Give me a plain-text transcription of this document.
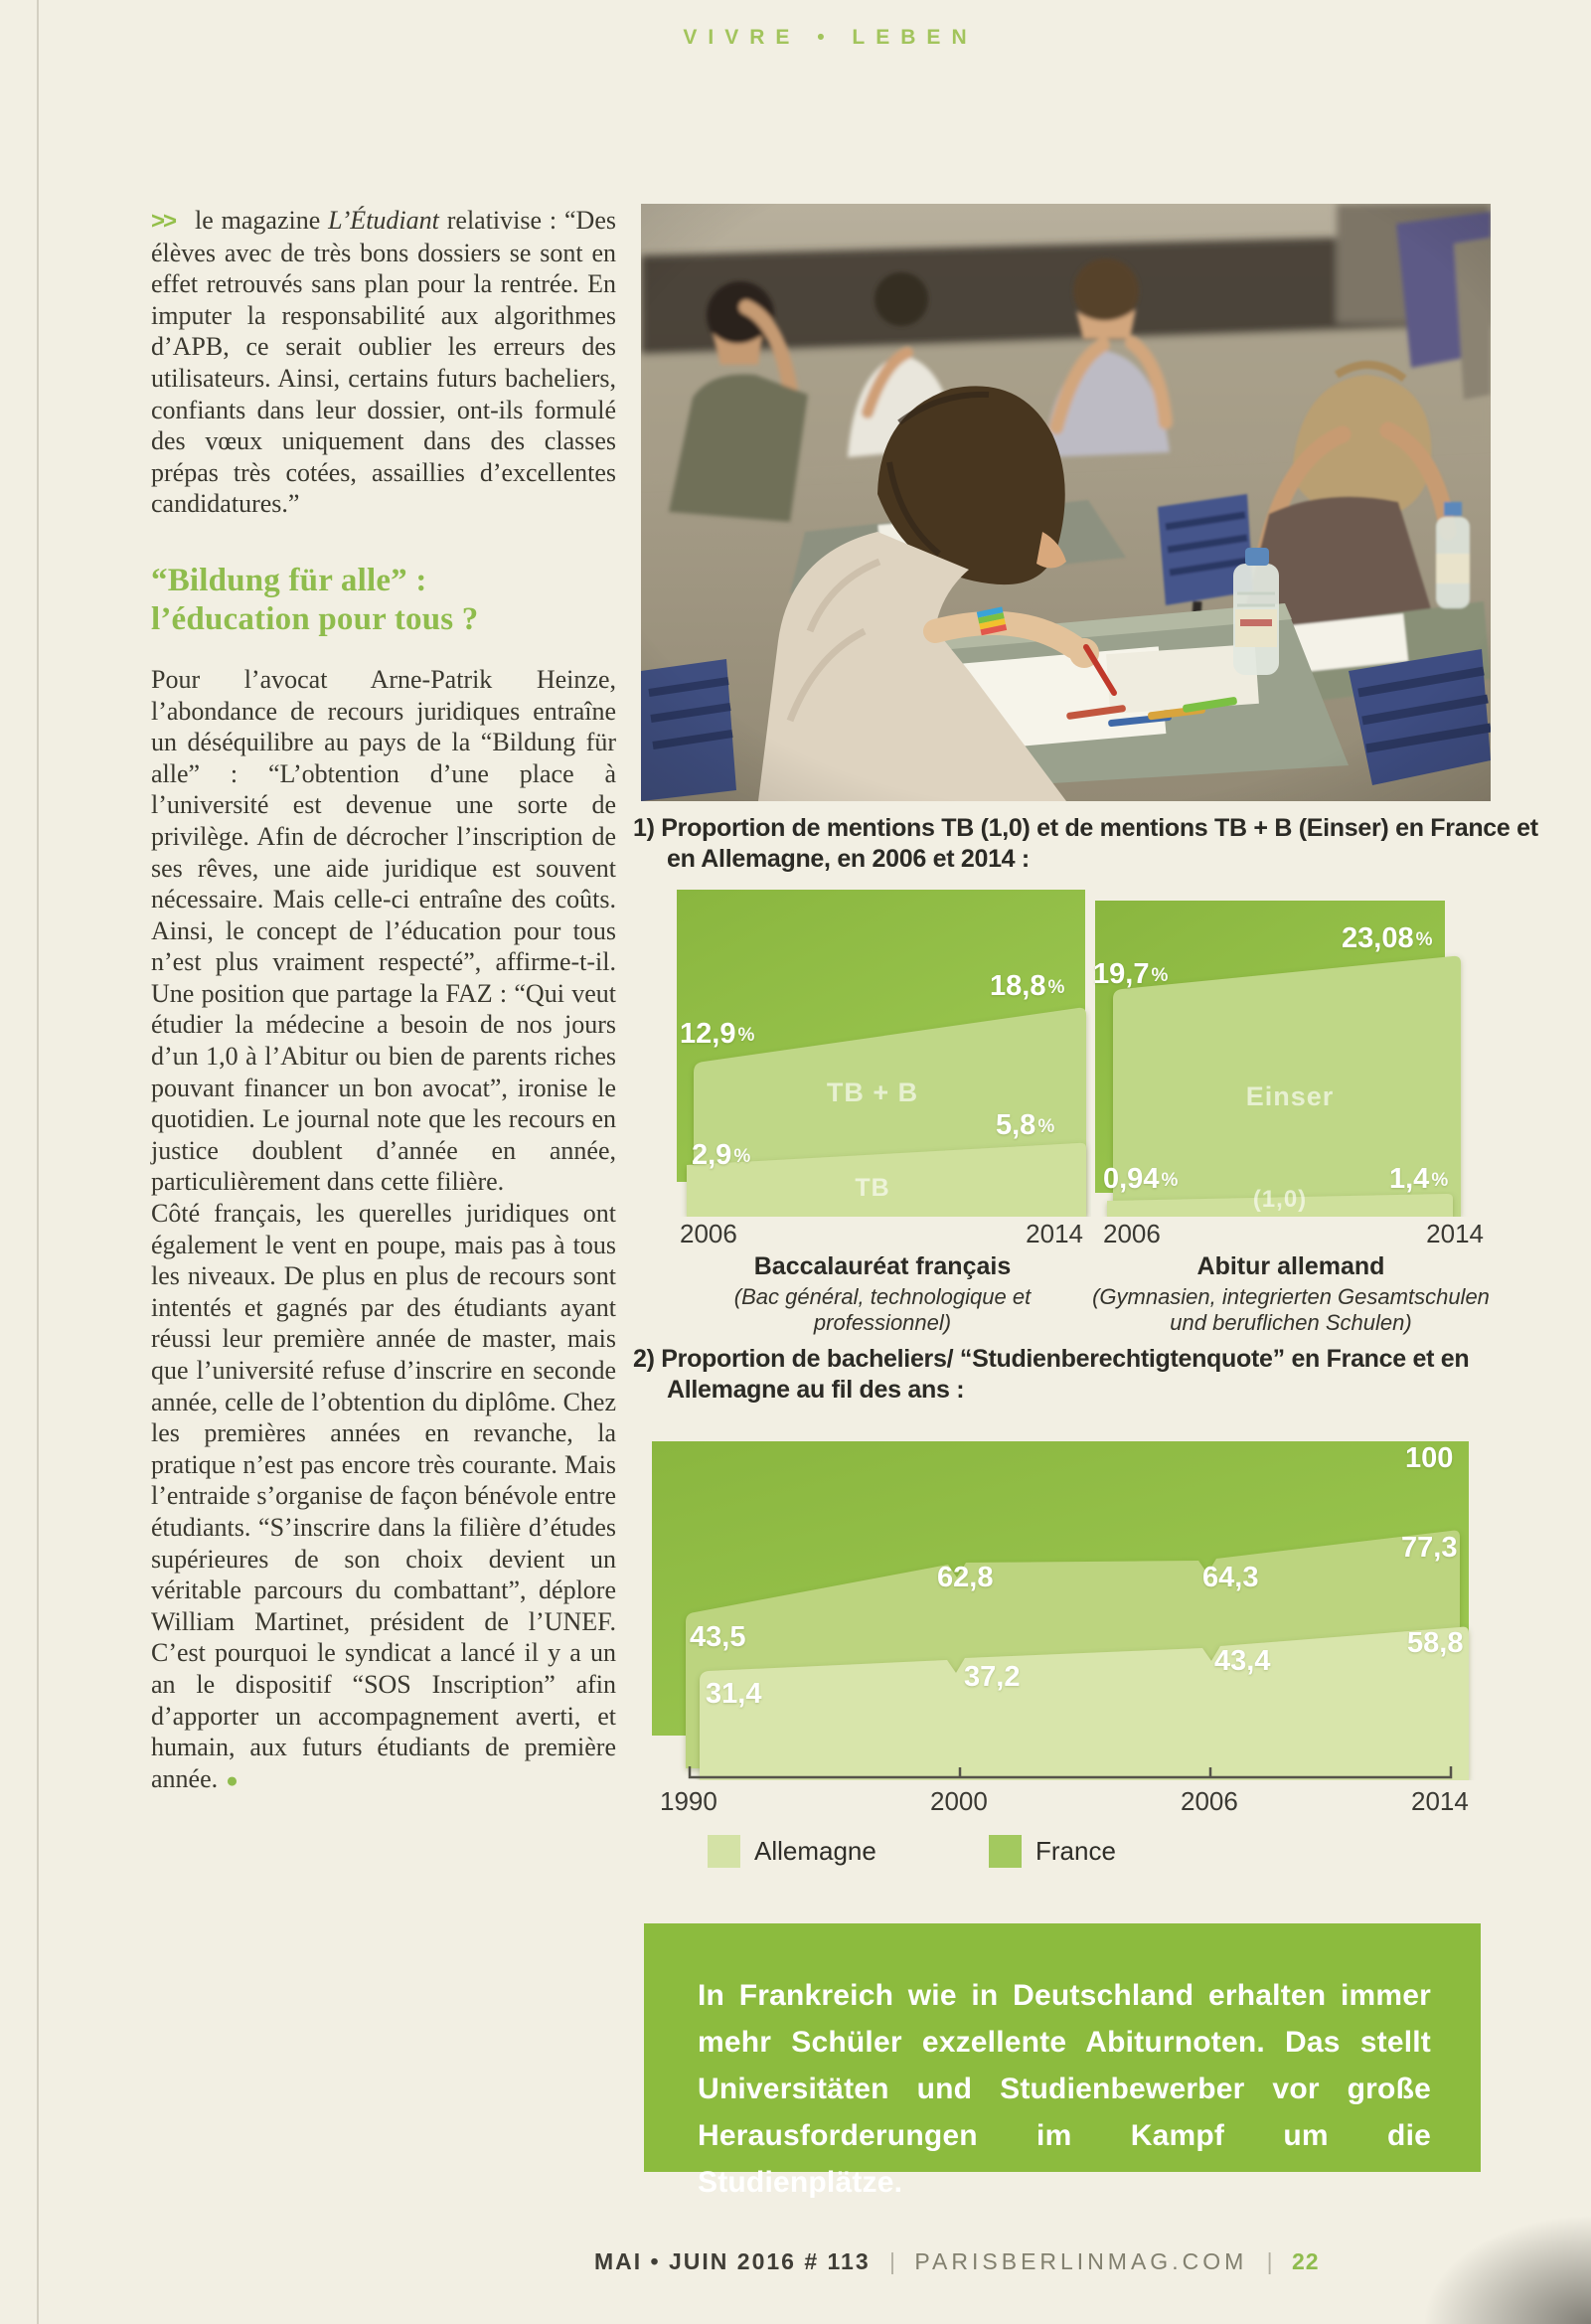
VIVRE • LEBEN

>> le magazine L’Étudiant relativise : “Des élèves avec de très bons dossiers se sont en effet retrouvés sans plan pour la rentrée. En imputer la responsabilité aux algorithmes d’APB, ce serait oublier les erreurs des utilisateurs. Ainsi, certains futurs bacheliers, confiants dans leur dossier, ont-ils formulé des vœux uniquement dans des classes prépas très cotées, assaillies d’excellentes candidatures.”

“Bildung für alle” :
l’éducation pour tous ?

Pour l’avocat Arne-Patrik Heinze, l’abondance de recours juridiques entraîne un déséquilibre au pays de la “Bildung für alle” : “L’obtention d’une place à l’université est devenue une sorte de privilège. Afin de décrocher l’inscription de ses rêves, une aide juridique est souvent nécessaire. Mais celle-ci entraîne des coûts. Ainsi, le concept de l’éducation pour tous n’est plus vraiment respecté”, affirme-t-il. Une position que partage la FAZ : “Qui veut étudier la médecine a besoin de nos jours d’un 1,0 à l’Abitur ou bien de parents riches pouvant financer un bon avocat”, ironise le quotidien. Le journal note que les recours en justice doublent d’année en année, particulièrement dans cette filière.

Côté français, les querelles juridiques ont également le vent en poupe, mais pas à tous les niveaux. De plus en plus de recours sont intentés et gagnés par des étudiants ayant réussi leur première année de master, mais que l’université refuse d’inscrire en seconde année, celle de l’obtention du diplôme. Chez les premières années en revanche, la pratique n’est pas encore très courante. Mais l’entraide s’organise de façon bénévole entre étudiants. “S’inscrire dans la filière d’études supérieures de son choix devient un véritable parcours du combattant”, déplore William Martinet, président de l’UNEF. C’est pourquoi le syndicat a lancé il y a un an le dispositif “SOS Inscription” afin d’apporter un accompagnement averti, et humain, aux futurs étudiants de première année. ●

1) Proportion de mentions TB (1,0) et de mentions TB + B (Einser) en France et en Allemagne, en 2006 et 2014 :
12,9 %
18,8 %
TB + B
5,8 %
2,9 %
TB
19,7 %
23,08 %
Einser
0,94 %
(1,0)
1,4 %
2006	2014 2006	2014
Baccalauréat français
(Bac général, technologique et professionnel)
Abitur allemand
(Gymnasien, integrierten Gesamtschulen und beruflichen Schulen)
2) Proportion de bacheliers/ “Studienberechtigtenquote” en France et en Allemagne au fil des ans :
100
43,5
62,8	64,3
77,3
31,4
37,2	43,4
58,8
1990	2000	2006	2014
Allemagne	France
In Frankreich wie in Deutschland erhalten immer mehr Schüler exzellente Abiturnoten. Das stellt Universitäten und Studienbewerber vor große Herausforderungen im Kampf um die Studienplätze.
MAI • JUIN 2016 # 113 | PARISBERLINMAG.COM | 22
